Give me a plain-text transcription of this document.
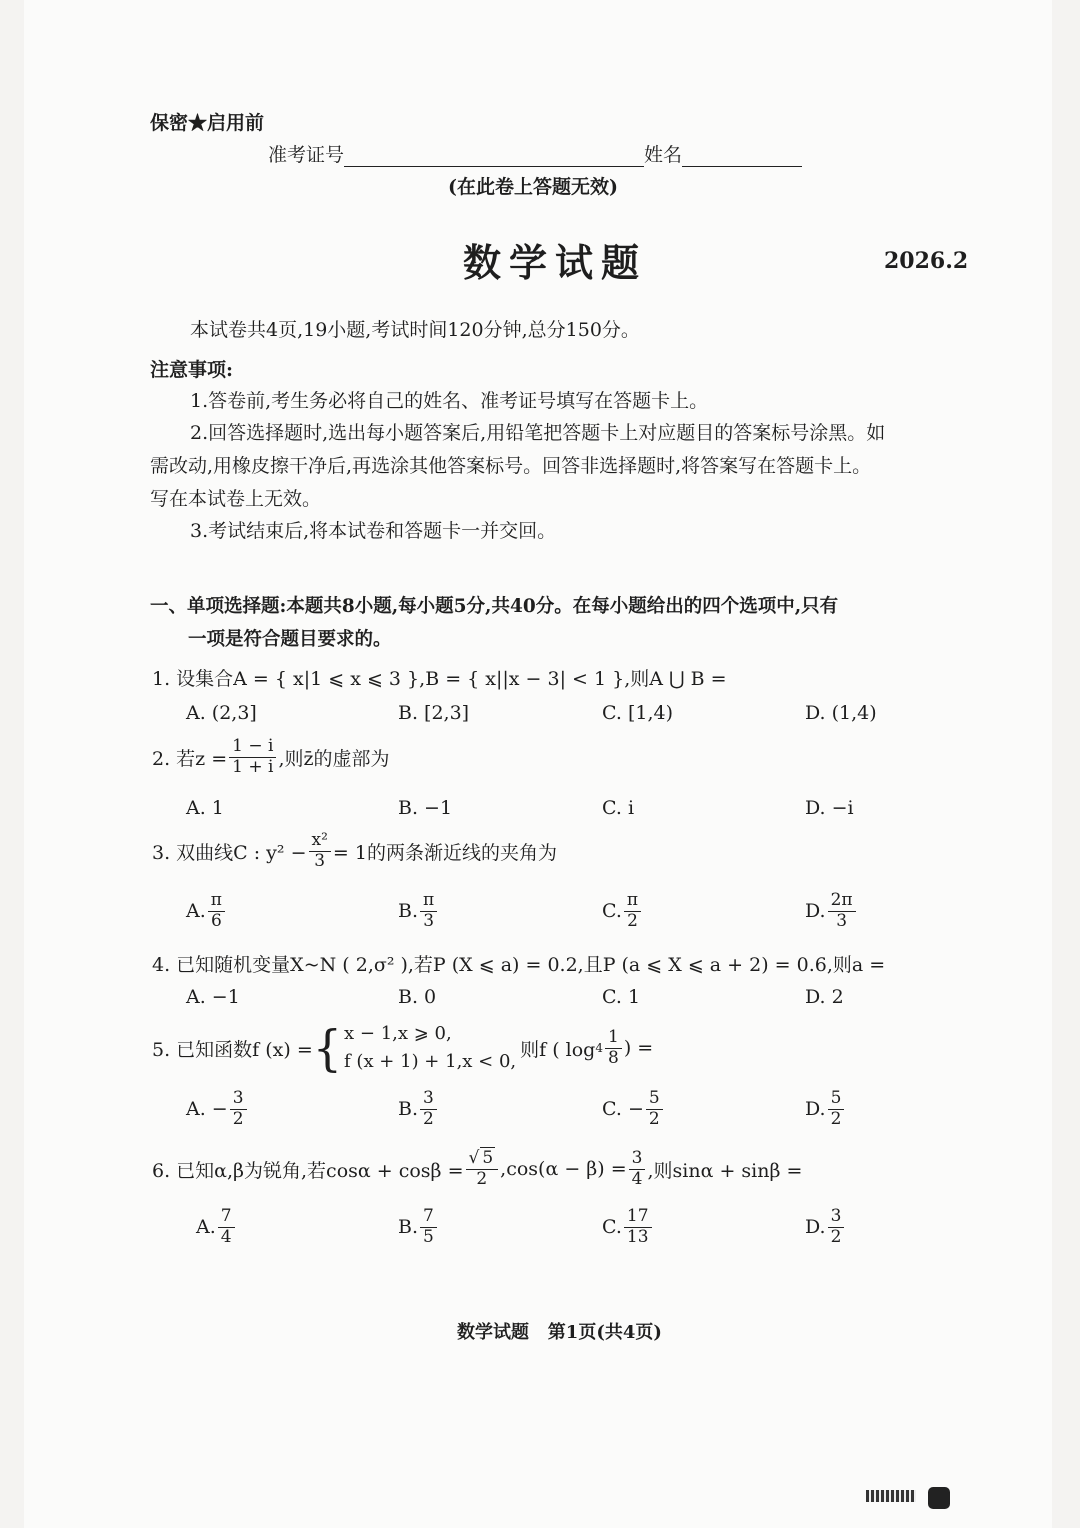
保密★启用前
准考证号	姓名
(在此卷上答题无效)
数学试题	2026.2
本试卷共4页,19小题,考试时间120分钟,总分150分。
注意事项:
1.答卷前,考生务必将自己的姓名、准考证号填写在答题卡上。
2.回答选择题时,选出每小题答案后,用铅笔把答题卡上对应题目的答案标号涂黑。如
需改动,用橡皮擦干净后,再选涂其他答案标号。回答非选择题时,将答案写在答题卡上。
写在本试卷上无效。
3.考试结束后,将本试卷和答题卡一并交回。
一、单项选择题:本题共8小题,每小题5分,共40分。在每小题给出的四个选项中,只有
一项是符合题目要求的。
1. 设集合A = { x|1 ⩽ x ⩽ 3 },B = { x||x − 3| < 1 },则A ⋃ B =
A. (2,3]	B. [2,3]	C. [1,4)	D. (1,4)
2. 若$z = \frac{1 - i}{1 + i}$ ,则z̄的虚部为
A. 1	B. −1	C. i	D. −i
3. 双曲线C : $y^2 - \frac{\text{x²}}{3} = 1$的两条渐近线的夹角为
A. $\frac{\pi}{6}$	B. $\frac{\pi}{3}$	C. $\frac{\pi}{2}$	D. $\frac{2\pi}{3}$
4. 已知随机变量X~N ( 2,σ² ),若P (X ⩽ a) = 0.2,且P (a ⩽ X ⩽ a + 2) = 0.6,则a =
A. −1	B. 0	C. 1	D. 2
5. 已知函数f (x) = { x − 1,x ⩾ 0,
f (x + 1) + 1,x < 0,
则f ( $\log 4 \frac{1}{8}$ ) =
A. − $\frac{3}{2}$	B. $\frac{3}{2}$	C. − $\frac{5}{2}$	D. $\frac{5}{2}$
6. 已知α,β为锐角,若$\cos\alpha + \cos\beta = \frac{√ 5}{2} ,\cos(\alpha - \beta) = \frac{3}{4}$ ,则sinα + sinβ =
A. $\frac{7}{4}$	B. $\frac{7}{5}$	C. $\frac{17}{13}$	D. $\frac{3}{2}$
数学试题   第1页(共4页)
